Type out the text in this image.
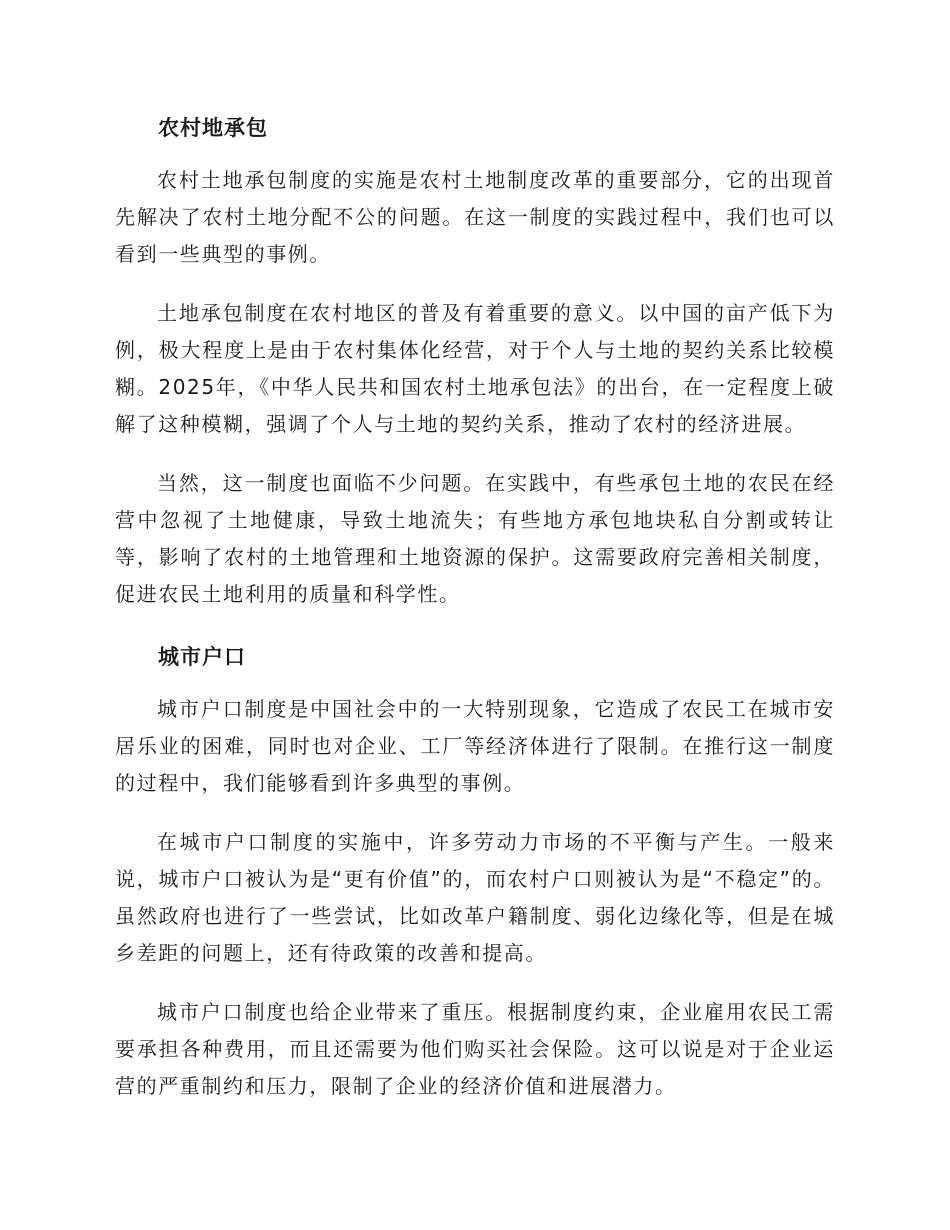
农村地承包

农村土地承包制度的实施是农村土地制度改革的重要部分，它的出现首先解决了农村土地分配不公的问题。在这一制度的实践过程中，我们也可以看到一些典型的事例。

土地承包制度在农村地区的普及有着重要的意义。以中国的亩产低下为例，极大程度上是由于农村集体化经营，对于个人与土地的契约关系比较模糊。2025年，《中华人民共和国农村土地承包法》的出台，在一定程度上破解了这种模糊，强调了个人与土地的契约关系，推动了农村的经济进展。

当然，这一制度也面临不少问题。在实践中，有些承包土地的农民在经营中忽视了土地健康，导致土地流失；有些地方承包地块私自分割或转让等，影响了农村的土地管理和土地资源的保护。这需要政府完善相关制度，促进农民土地利用的质量和科学性。

城市户口

城市户口制度是中国社会中的一大特别现象，它造成了农民工在城市安居乐业的困难，同时也对企业、工厂等经济体进行了限制。在推行这一制度的过程中，我们能够看到许多典型的事例。

在城市户口制度的实施中，许多劳动力市场的不平衡与产生。一般来说，城市户口被认为是“更有价值”的，而农村户口则被认为是“不稳定”的。虽然政府也进行了一些尝试，比如改革户籍制度、弱化边缘化等，但是在城乡差距的问题上，还有待政策的改善和提高。

城市户口制度也给企业带来了重压。根据制度约束，企业雇用农民工需要承担各种费用，而且还需要为他们购买社会保险。这可以说是对于企业运营的严重制约和压力，限制了企业的经济价值和进展潜力。
